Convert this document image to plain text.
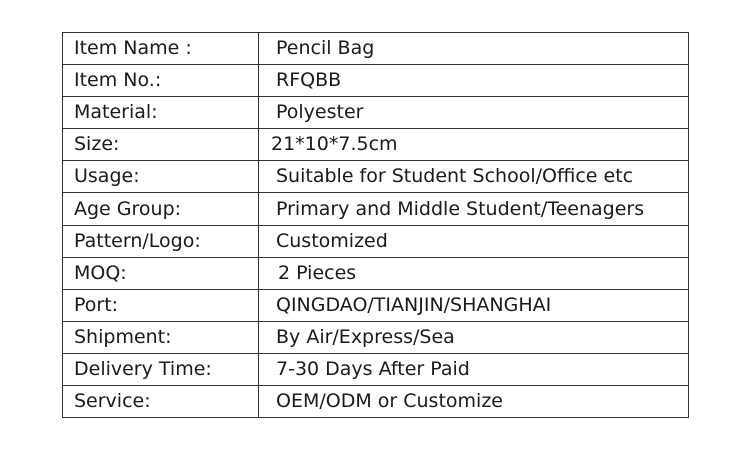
Item Name :	Pencil Bag
Item No.:	RFQBB
Material:	Polyester
Size:	21*10*7.5cm
Usage:	Suitable for Student School/Office etc
Age Group:	Primary and Middle Student/Teenagers
Pattern/Logo:	Customized
MOQ:	2 Pieces
Port:	QINGDAO/TIANJIN/SHANGHAI
Shipment:	By Air/Express/Sea
Delivery Time:	7-30 Days After Paid
Service:	OEM/ODM or Customize
